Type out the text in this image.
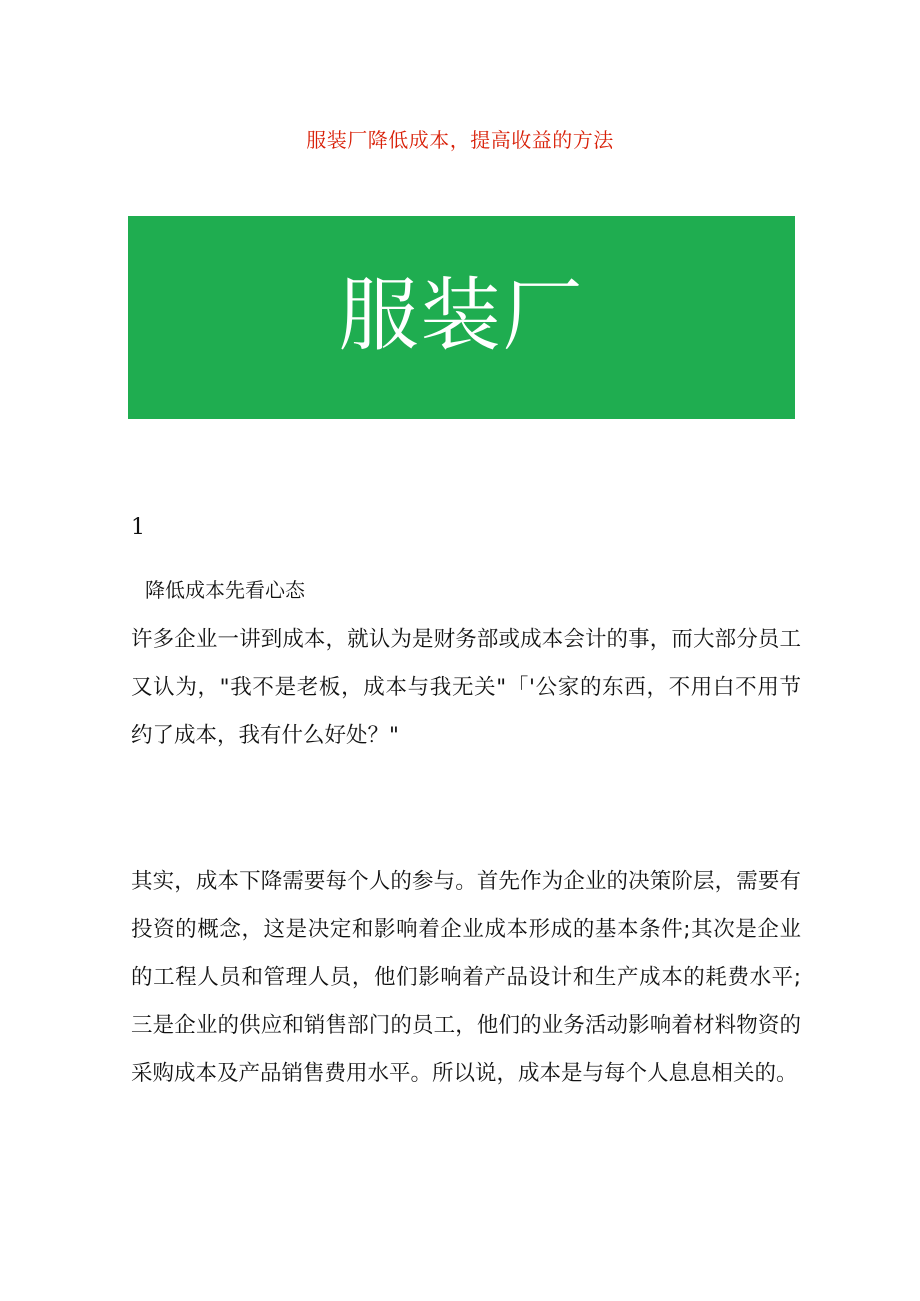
服装厂降低成本，提高收益的方法
服装厂
1
降低成本先看心态

许多企业一讲到成本，就认为是财务部或成本会计的事，而大部分员工又认为，"我不是老板，成本与我无关"「'公家的东西，不用白不用节约了成本，我有什么好处？"

其实，成本下降需要每个人的参与。首先作为企业的决策阶层，需要有投资的概念，这是决定和影响着企业成本形成的基本条件;其次是企业的工程人员和管理人员，他们影响着产品设计和生产成本的耗费水平;三是企业的供应和销售部门的员工，他们的业务活动影响着材料物资的采购成本及产品销售费用水平。所以说，成本是与每个人息息相关的。
